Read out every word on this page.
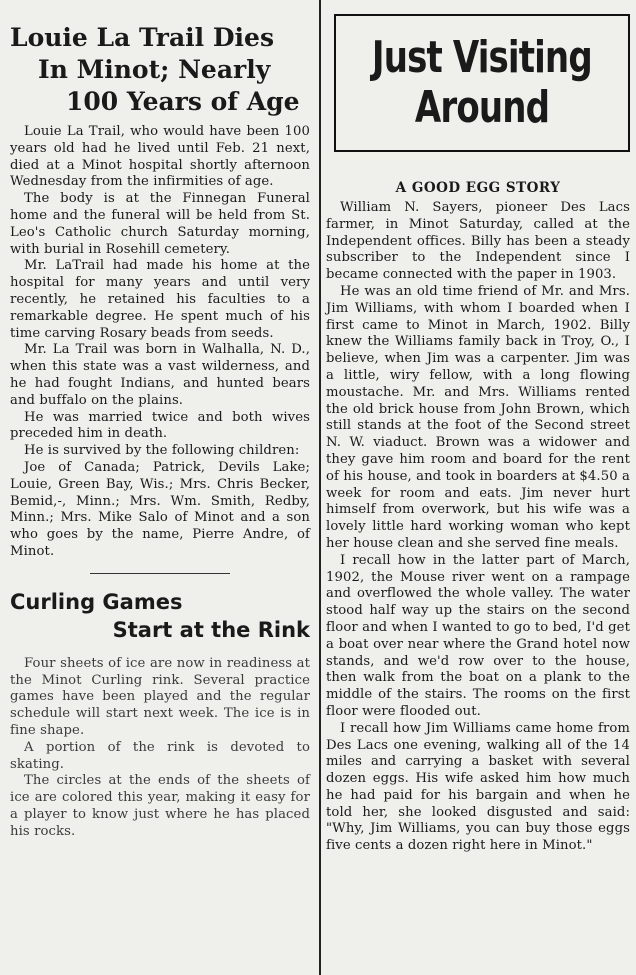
Louie La Trail Dies
In Minot; Nearly
100 Years of Age

Louie La Trail, who would have been 100 years old had he lived until Feb. 21 next, died at a Minot hospital shortly afternoon Wednesday from the infirmities of age.

The body is at the Finnegan Funeral home and the funeral will be held from St. Leo's Catholic church Saturday morning, with burial in Rosehill cemetery.

Mr. LaTrail had made his home at the hospital for many years and until very recently, he retained his faculties to a remarkable degree. He spent much of his time carving Rosary beads from seeds.

Mr. La Trail was born in Walhalla, N. D., when this state was a vast wilderness, and he had fought Indians, and hunted bears and buffalo on the plains.

He was married twice and both wives preceded him in death.

He is survived by the following children:

Joe of Canada; Patrick, Devils Lake; Louie, Green Bay, Wis.; Mrs. Chris Becker, Bemid,-, Minn.; Mrs. Wm. Smith, Redby, Minn.; Mrs. Mike Salo of Minot and a son who goes by the name, Pierre Andre, of Minot.

Curling Games
Start at the Rink

Four sheets of ice are now in readiness at the Minot Curling rink. Several practice games have been played and the regular schedule will start next week. The ice is in fine shape.

A portion of the rink is devoted to skating.

The circles at the ends of the sheets of ice are colored this year, making it easy for a player to know just where he has placed his rocks.

Just Visiting
Around
A GOOD EGG STORY

William N. Sayers, pioneer Des Lacs farmer, in Minot Saturday, called at the Independent offices. Billy has been a steady subscriber to the Independent since I became connected with the paper in 1903.

He was an old time friend of Mr. and Mrs. Jim Williams, with whom I boarded when I first came to Minot in March, 1902. Billy knew the Williams family back in Troy, O., I believe, when Jim was a carpenter. Jim was a little, wiry fellow, with a long flowing moustache. Mr. and Mrs. Williams rented the old brick house from John Brown, which still stands at the foot of the Second street N. W. viaduct. Brown was a widower and they gave him room and board for the rent of his house, and took in boarders at $4.50 a week for room and eats. Jim never hurt himself from overwork, but his wife was a lovely little hard working woman who kept her house clean and she served fine meals.

I recall how in the latter part of March, 1902, the Mouse river went on a rampage and overflowed the whole valley. The water stood half way up the stairs on the second floor and when I wanted to go to bed, I'd get a boat over near where the Grand hotel now stands, and we'd row over to the house, then walk from the boat on a plank to the middle of the stairs. The rooms on the first floor were flooded out.

I recall how Jim Williams came home from Des Lacs one evening, walking all of the 14 miles and carrying a basket with several dozen eggs. His wife asked him how much he had paid for his bargain and when he told her, she looked disgusted and said: "Why, Jim Williams, you can buy those eggs five cents a dozen right here in Minot."
